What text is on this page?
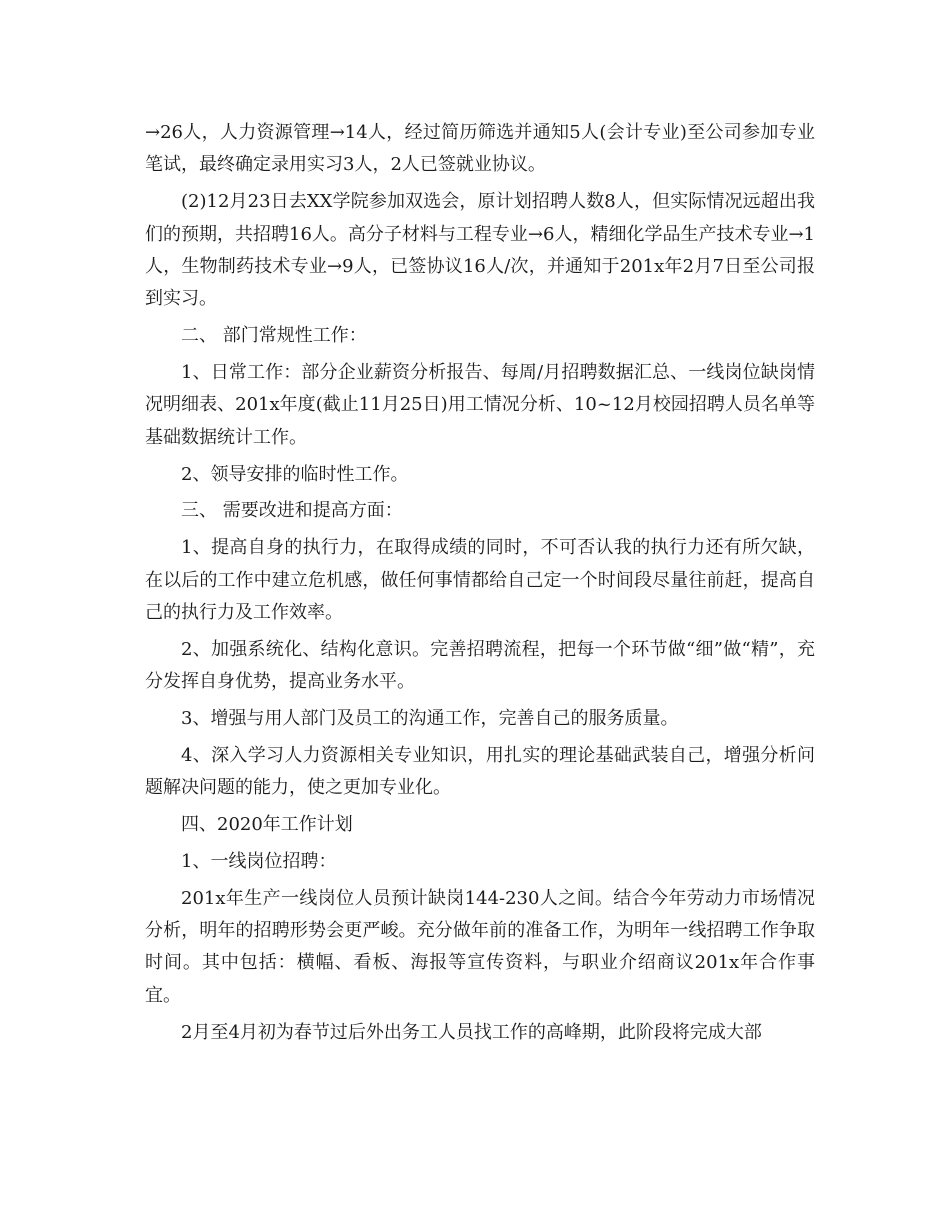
→26人，人力资源管理→14人，经过简历筛选并通知5人(会计专业)至公司参加专业笔试，最终确定录用实习3人，2人已签就业协议。

(2)12月23日去XX学院参加双选会，原计划招聘人数8人，但实际情况远超出我们的预期，共招聘16人。高分子材料与工程专业→6人，精细化学品生产技术专业→1人，生物制药技术专业→9人，已签协议16人/次，并通知于201x年2月7日至公司报到实习。

二、 部门常规性工作：

1、日常工作：部分企业薪资分析报告、每周/月招聘数据汇总、一线岗位缺岗情况明细表、201x年度(截止11月25日)用工情况分析、10~12月校园招聘人员名单等基础数据统计工作。

2、领导安排的临时性工作。

三、 需要改进和提高方面：

1、提高自身的执行力，在取得成绩的同时，不可否认我的执行力还有所欠缺，在以后的工作中建立危机感，做任何事情都给自己定一个时间段尽量往前赶，提高自己的执行力及工作效率。

2、加强系统化、结构化意识。完善招聘流程，把每一个环节做“细”做“精”，充分发挥自身优势，提高业务水平。

3、增强与用人部门及员工的沟通工作，完善自己的服务质量。

4、深入学习人力资源相关专业知识，用扎实的理论基础武装自己，增强分析问题解决问题的能力，使之更加专业化。

四、2020年工作计划

1、一线岗位招聘：

201x年生产一线岗位人员预计缺岗144-230人之间。结合今年劳动力市场情况分析，明年的招聘形势会更严峻。充分做年前的准备工作，为明年一线招聘工作争取时间。其中包括：横幅、看板、海报等宣传资料，与职业介绍商议201x年合作事宜。

2月至4月初为春节过后外出务工人员找工作的高峰期，此阶段将完成大部
